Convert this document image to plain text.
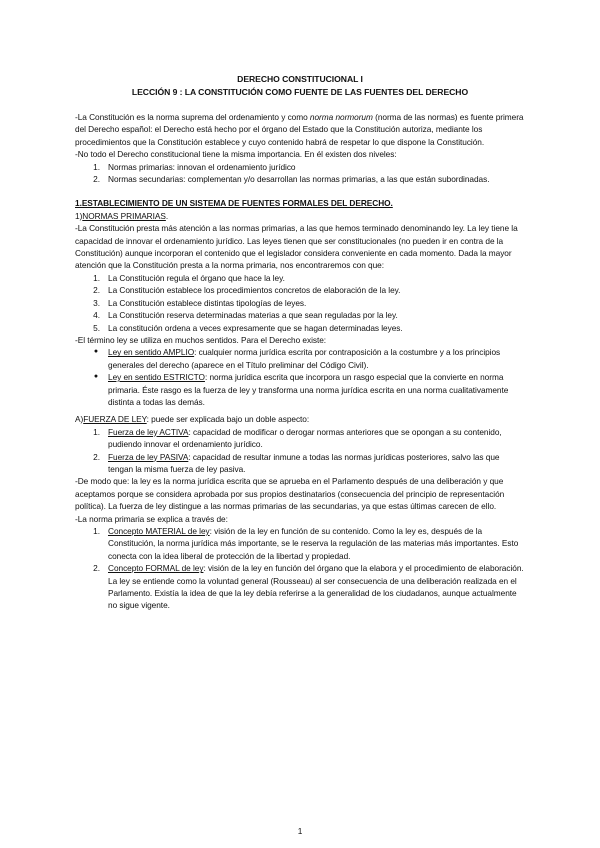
DERECHO CONSTITUCIONAL I
LECCIÓN 9 : LA CONSTITUCIÓN COMO FUENTE DE LAS FUENTES DEL DERECHO

-La Constitución es la norma suprema del ordenamiento y como norma normorum (norma de las normas) es fuente primera del Derecho español: el Derecho está hecho por el órgano del Estado que la Constitución autoriza, mediante los procedimientos que la Constitución establece y cuyo contenido habrá de respetar lo que dispone la Constitución.

-No todo el Derecho constitucional tiene la misma importancia. En él existen dos niveles:

1. Normas primarias: innovan el ordenamiento jurídico
2. Normas secundarias: complementan y/o desarrollan las normas primarias, a las que están subordinadas.

1.ESTABLECIMIENTO DE UN SISTEMA DE FUENTES FORMALES DEL DERECHO.

1)NORMAS PRIMARIAS.

-La Constitución presta más atención a las normas primarias, a las que hemos terminado denominando ley. La ley tiene la capacidad de innovar el ordenamiento jurídico. Las leyes tienen que ser constitucionales (no pueden ir en contra de la Constitución) aunque incorporan el contenido que el legislador considera conveniente en cada momento. Dada la mayor atención que la Constitución presta a la norma primaria, nos encontraremos con que:

1. La Constitución regula el órgano que hace la ley.
2. La Constitución establece los procedimientos concretos de elaboración de la ley.
3. La Constitución establece distintas tipologías de leyes.
4. La Constitución reserva determinadas materias a que sean reguladas por la ley.
5. La constitución ordena a veces expresamente que se hagan determinadas leyes.

-El término ley se utiliza en muchos sentidos. Para el Derecho existe:

●	Ley en sentido AMPLIO: cualquier norma jurídica escrita por contraposición a la costumbre y a los principios generales del derecho (aparece en el Título preliminar del Código Civil).
●	Ley en sentido ESTRICTO: norma jurídica escrita que incorpora un rasgo especial que la convierte en norma primaria. Éste rasgo es la fuerza de ley y transforma una norma jurídica escrita en una norma cualitativamente distinta a todas las demás.

A)FUERZA DE LEY: puede ser explicada bajo un doble aspecto:

1. Fuerza de ley ACTIVA: capacidad de modificar o derogar normas anteriores que se opongan a su contenido, pudiendo innovar el ordenamiento jurídico.
2. Fuerza de ley PASIVA: capacidad de resultar inmune a todas las normas jurídicas posteriores, salvo las que tengan la misma fuerza de ley pasiva.

-De modo que: la ley es la norma jurídica escrita que se aprueba en el Parlamento después de una deliberación y que aceptamos porque se considera aprobada por sus propios destinatarios (consecuencia del principio de representación política). La fuerza de ley distingue a las normas primarias de las secundarias, ya que estas últimas carecen de ello.

-La norma primaria se explica a través de:

1. Concepto MATERIAL de ley: visión de la ley en función de su contenido. Como la ley es, después de la Constitución, la norma jurídica más importante, se le reserva la regulación de las materias más importantes. Esto conecta con la idea liberal de protección de la libertad y propiedad.
2. Concepto FORMAL de ley: visión de la ley en función del órgano que la elabora y el procedimiento de elaboración. La ley se entiende como la voluntad general (Rousseau) al ser consecuencia de una deliberación realizada en el Parlamento. Existía la idea de que la ley debía referirse a la generalidad de los ciudadanos, aunque actualmente no sigue vigente.
1
